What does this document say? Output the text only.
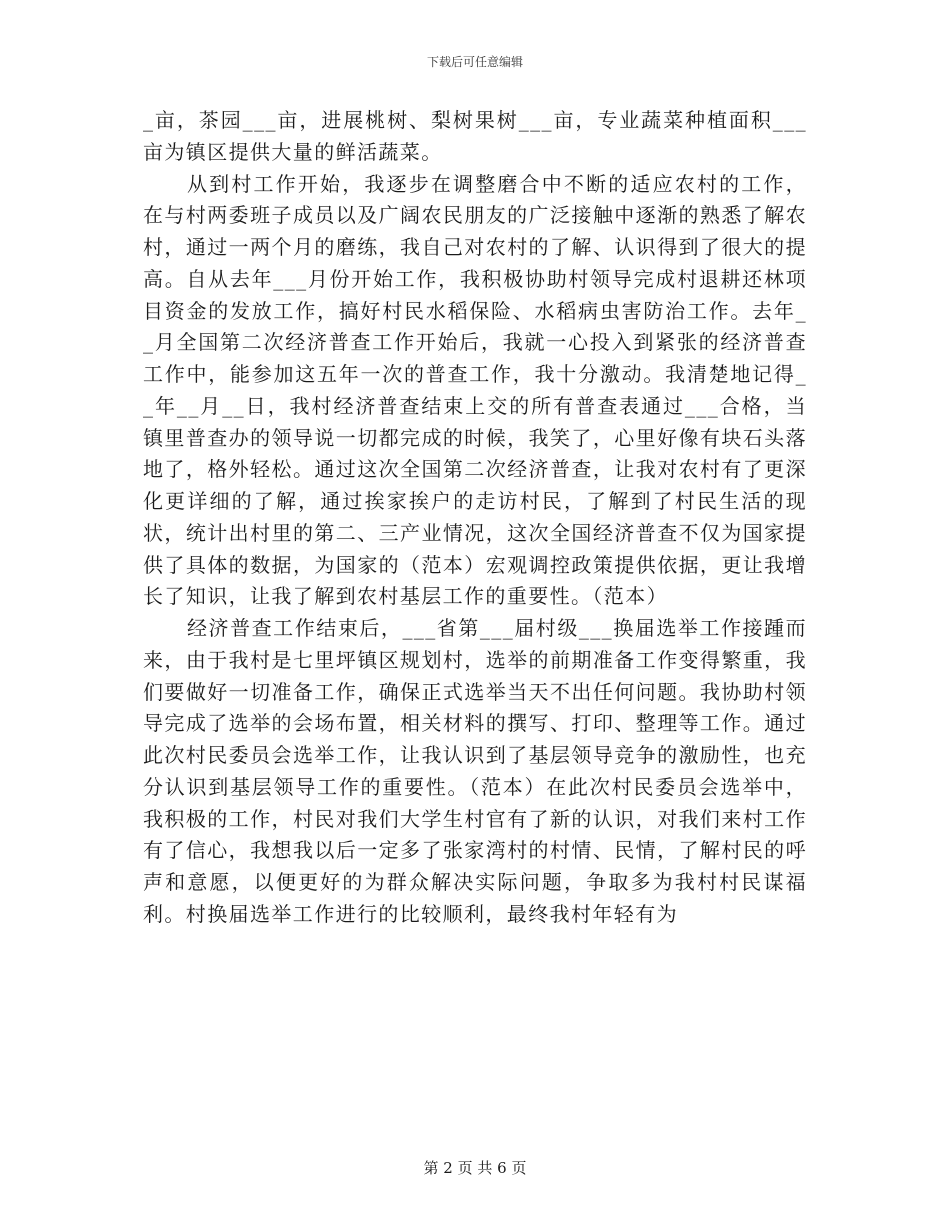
下载后可任意编辑

_亩，茶园___亩，进展桃树、梨树果树___亩，专业蔬菜种植面积___亩为镇区提供大量的鲜活蔬菜。

从到村工作开始，我逐步在调整磨合中不断的适应农村的工作，在与村两委班子成员以及广阔农民朋友的广泛接触中逐渐的熟悉了解农村，通过一两个月的磨练，我自己对农村的了解、认识得到了很大的提高。自从去年___月份开始工作，我积极协助村领导完成村退耕还林项目资金的发放工作，搞好村民水稻保险、水稻病虫害防治工作。去年__月全国第二次经济普查工作开始后，我就一心投入到紧张的经济普查工作中，能参加这五年一次的普查工作，我十分激动。我清楚地记得__年__月__日，我村经济普查结束上交的所有普查表通过___合格，当镇里普查办的领导说一切都完成的时候，我笑了，心里好像有块石头落地了，格外轻松。通过这次全国第二次经济普查，让我对农村有了更深化更详细的了解，通过挨家挨户的走访村民，了解到了村民生活的现状，统计出村里的第二、三产业情况，这次全国经济普查不仅为国家提供了具体的数据，为国家的（范本）宏观调控政策提供依据，更让我增长了知识，让我了解到农村基层工作的重要性。（范本）

经济普查工作结束后，___省第___届村级___换届选举工作接踵而来，由于我村是七里坪镇区规划村，选举的前期准备工作变得繁重，我们要做好一切准备工作，确保正式选举当天不出任何问题。我协助村领导完成了选举的会场布置，相关材料的撰写、打印、整理等工作。通过此次村民委员会选举工作，让我认识到了基层领导竞争的激励性，也充分认识到基层领导工作的重要性。（范本）在此次村民委员会选举中，我积极的工作，村民对我们大学生村官有了新的认识，对我们来村工作有了信心，我想我以后一定多了张家湾村的村情、民情，了解村民的呼声和意愿，以便更好的为群众解决实际问题，争取多为我村村民谋福利。村换届选举工作进行的比较顺利，最终我村年轻有为

第 2 页 共 6 页
